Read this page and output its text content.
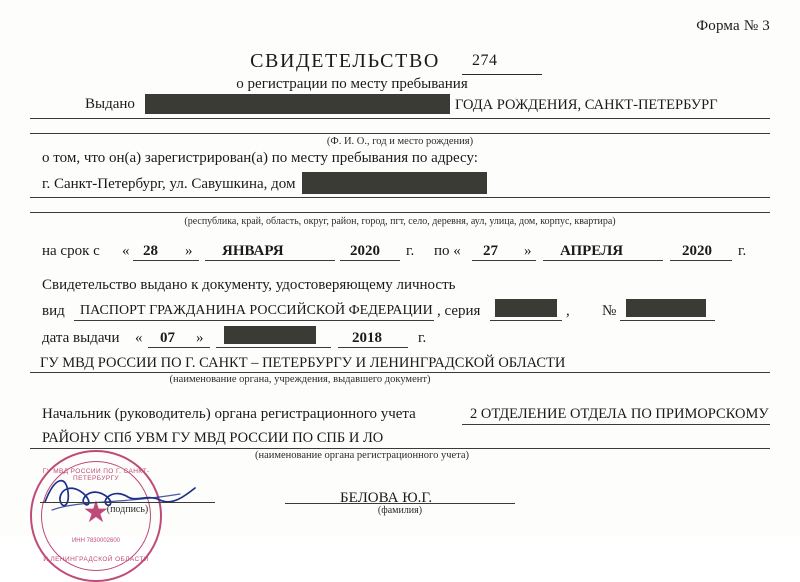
Форма № 3
СВИДЕТЕЛЬСТВО	274
о регистрации по месту пребывания
Выдано	ГОДА РОЖДЕНИЯ, САНКТ-ПЕТЕРБУРГ
(Ф. И. О., год и место рождения)
о том, что он(а) зарегистрирован(а) по месту пребывания по адресу:
г. Санкт-Петербург, ул. Савушкина, дом
(республика, край, область, округ, район, город, пгт, село, деревня, аул, улица, дом, корпус, квартира)
на срок с « 28 » ЯНВАРЯ	2020 г. по « 27 » АПРЕЛЯ	2020 г.
Свидетельство выдано к документу, удостоверяющему личность
вид ПАСПОРТ ГРАЖДАНИНА РОССИЙСКОЙ ФЕДЕРАЦИИ , серия	, №
дата выдачи « 07 »	2018 г.
ГУ МВД РОССИИ ПО Г. САНКТ – ПЕТЕРБУРГУ И ЛЕНИНГРАДСКОЙ ОБЛАСТИ
(наименование органа, учреждения, выдавшего документ)
Начальник (руководитель) органа регистрационного учета	2 ОТДЕЛЕНИЕ ОТДЕЛА ПО ПРИМОРСКОМУ
РАЙОНУ СПб УВМ ГУ МВД РОССИИ ПО СПБ И ЛО
(наименование органа регистрационного учета)
ГУ МВД РОССИИ ПО Г. САНКТ-ПЕТЕРБУРГУ
★
ИНН 7830002600
И ЛЕНИНГРАДСКОЙ ОБЛАСТИ
(подпись)
БЕЛОВА Ю.Г.
(фамилия)
